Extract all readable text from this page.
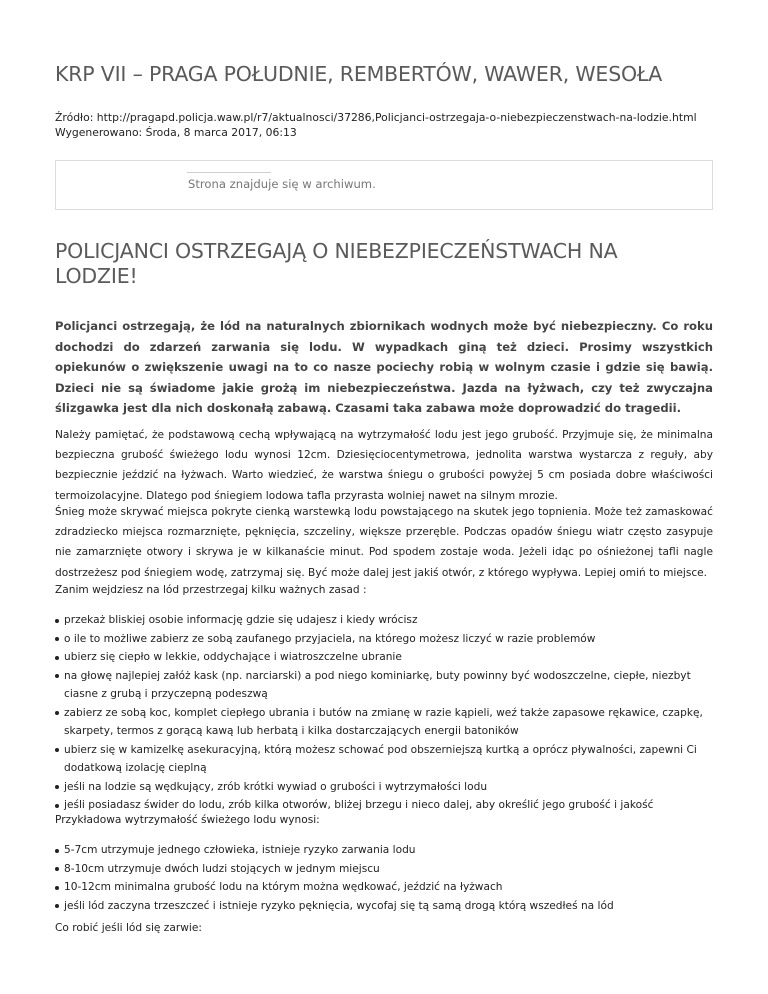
KRP VII – PRAGA POŁUDNIE, REMBERTÓW, WAWER, WESOŁA
Źródło: http://pragapd.policja.waw.pl/r7/aktualnosci/37286,Policjanci-ostrzegaja-o-niebezpieczenstwach-na-lodzie.html
Wygenerowano: Środa, 8 marca 2017, 06:13
Strona znajduje się w archiwum.
POLICJANCI OSTRZEGAJĄ O NIEBEZPIECZEŃSTWACH NA LODZIE!

Policjanci ostrzegają, że lód na naturalnych zbiornikach wodnych może być niebezpieczny. Co roku dochodzi do zdarzeń zarwania się lodu. W wypadkach giną też dzieci. Prosimy wszystkich opiekunów o zwiększenie uwagi na to co nasze pociechy robią w wolnym czasie i gdzie się bawią. Dzieci nie są świadome jakie grożą im niebezpieczeństwa. Jazda na łyżwach, czy też zwyczajna ślizgawka jest dla nich doskonałą zabawą. Czasami taka zabawa może doprowadzić do tragedii.

Należy pamiętać, że podstawową cechą wpływającą na wytrzymałość lodu jest jego grubość. Przyjmuje się, że minimalna bezpieczna grubość świeżego lodu wynosi 12cm. Dziesięciocentymetrowa, jednolita warstwa wystarcza z reguły, aby bezpiecznie jeździć na łyżwach. Warto wiedzieć, że warstwa śniegu o grubości powyżej 5 cm posiada dobre właściwości termoizolacyjne. Dlatego pod śniegiem lodowa tafla przyrasta wolniej nawet na silnym mrozie.

Śnieg może skrywać miejsca pokryte cienką warstewką lodu powstającego na skutek jego topnienia. Może też zamaskować zdradziecko miejsca rozmarznięte, pęknięcia, szczeliny, większe przeręble. Podczas opadów śniegu wiatr często zasypuje nie zamarznięte otwory i skrywa je w kilkanaście minut. Pod spodem zostaje woda. Jeżeli idąc po ośnieżonej tafli nagle dostrzeżesz pod śniegiem wodę, zatrzymaj się. Być może dalej jest jakiś otwór, z którego wypływa. Lepiej omiń to miejsce.

Zanim wejdziesz na lód przestrzegaj kilku ważnych zasad :

przekaż bliskiej osobie informację gdzie się udajesz i kiedy wrócisz
o ile to możliwe zabierz ze sobą zaufanego przyjaciela, na którego możesz liczyć w razie problemów
ubierz się ciepło w lekkie, oddychające i wiatroszczelne ubranie
na głowę najlepiej załóż kask (np. narciarski) a pod niego kominiarkę, buty powinny być wodoszczelne, ciepłe, niezbyt ciasne z grubą i przyczepną podeszwą
zabierz ze sobą koc, komplet ciepłego ubrania i butów na zmianę w razie kąpieli, weź także zapasowe rękawice, czapkę, skarpety, termos z gorącą kawą lub herbatą i kilka dostarczających energii batoników
ubierz się w kamizelkę asekuracyjną, którą możesz schować pod obszerniejszą kurtką a oprócz pływalności, zapewni Ci dodatkową izolację cieplną
jeśli na lodzie są wędkujący, zrób krótki wywiad o grubości i wytrzymałości lodu
jeśli posiadasz świder do lodu, zrób kilka otworów, bliżej brzegu i nieco dalej, aby określić jego grubość i jakość

Przykładowa wytrzymałość świeżego lodu wynosi:

5-7cm utrzymuje jednego człowieka, istnieje ryzyko zarwania lodu
8-10cm utrzymuje dwóch ludzi stojących w jednym miejscu
10-12cm minimalna grubość lodu na którym można wędkować, jeździć na łyżwach
jeśli lód zaczyna trzeszczeć i istnieje ryzyko pęknięcia, wycofaj się tą samą drogą którą wszedłeś na lód

Co robić jeśli lód się zarwie:
